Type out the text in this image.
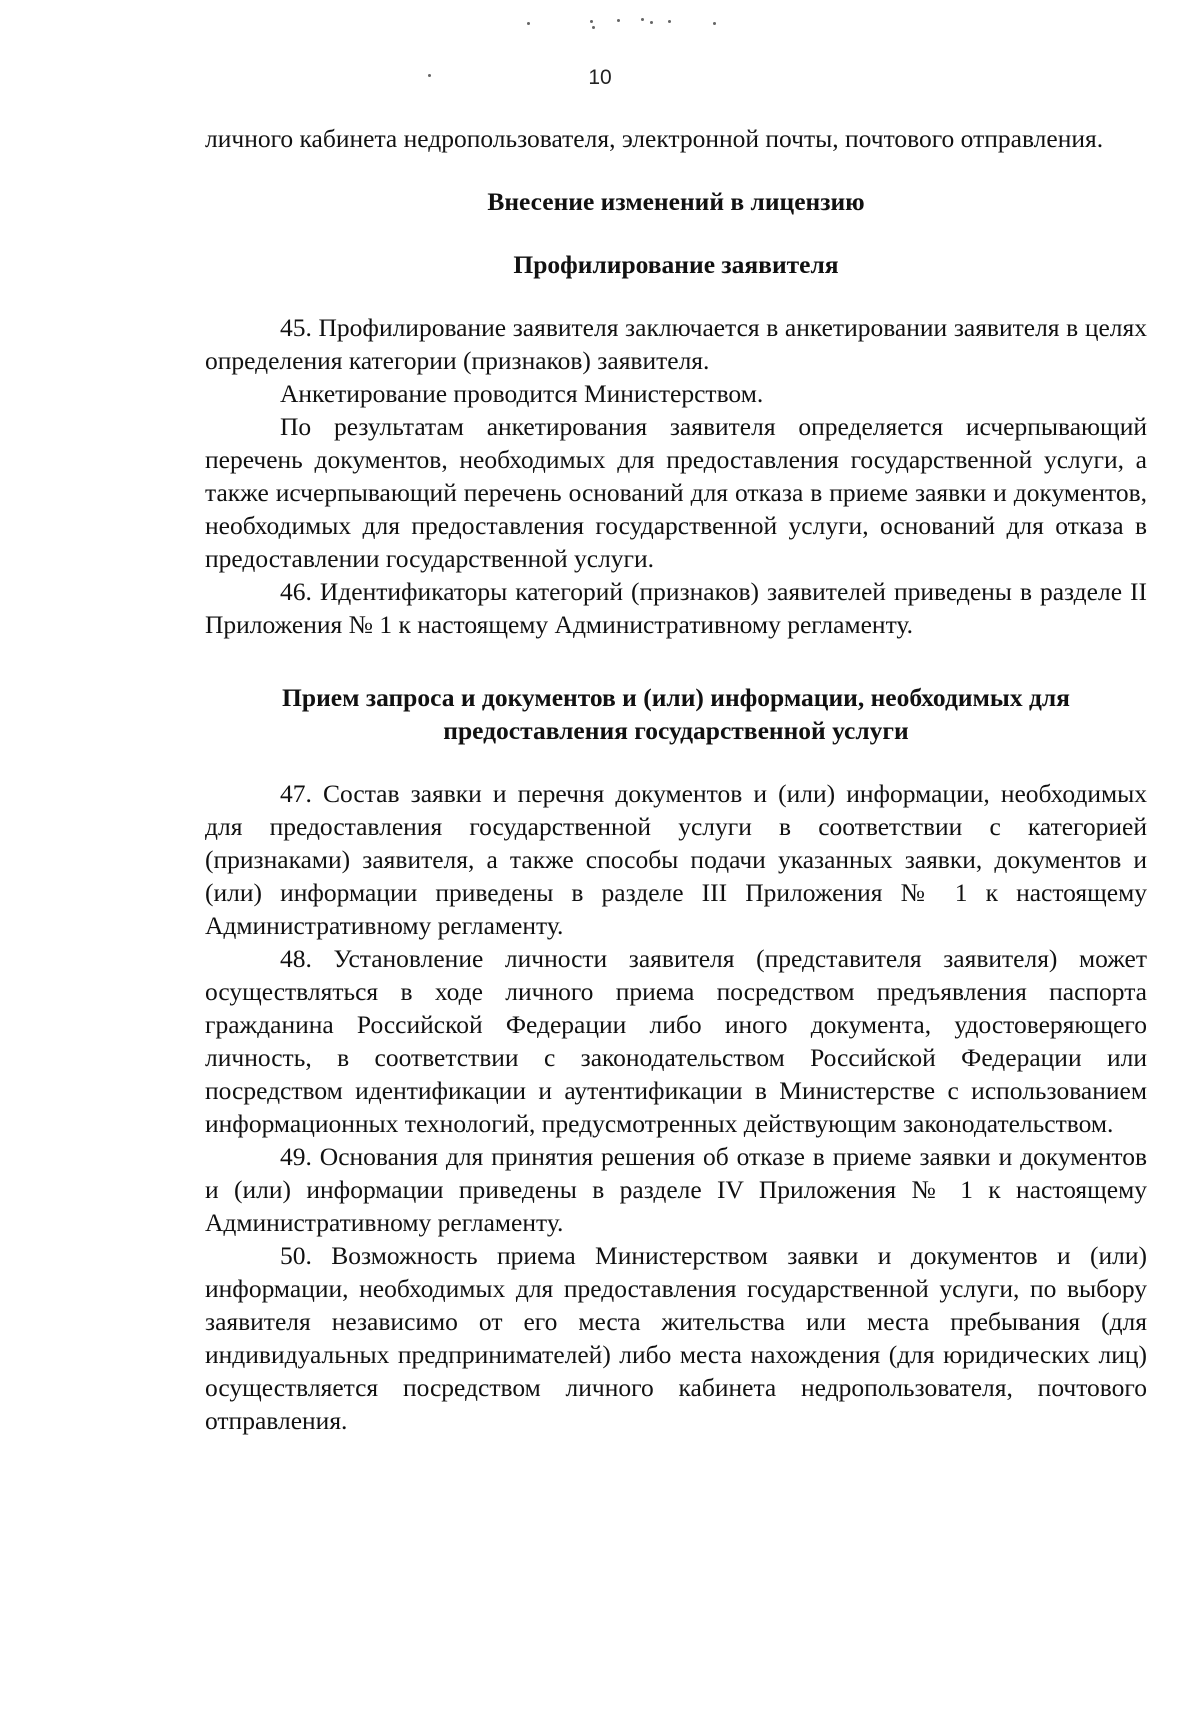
10

личного кабинета недропользователя, электронной почты, почтового отправления.

Внесение изменений в лицензию
Профилирование заявителя

45. Профилирование заявителя заключается в анкетировании заявителя в целях определения категории (признаков) заявителя.

Анкетирование проводится Министерством.

По результатам анкетирования заявителя определяется исчерпывающий перечень документов, необходимых для предоставления государственной услуги, а также исчерпывающий перечень оснований для отказа в приеме заявки и документов, необходимых для предоставления государственной услуги, оснований для отказа в предоставлении государственной услуги.

46. Идентификаторы категорий (признаков) заявителей приведены в разделе II Приложения № 1 к настоящему Административному регламенту.

Прием запроса и документов и (или) информации, необходимых для предоставления государственной услуги

47. Состав заявки и перечня документов и (или) информации, необходимых для предоставления государственной услуги в соответствии с категорией (признаками) заявителя, а также способы подачи указанных заявки, документов и (или) информации приведены в разделе III Приложения № 1 к настоящему Административному регламенту.

48. Установление личности заявителя (представителя заявителя) может осуществляться в ходе личного приема посредством предъявления паспорта гражданина Российской Федерации либо иного документа, удостоверяющего личность, в соответствии с законодательством Российской Федерации или посредством идентификации и аутентификации в Министерстве с использованием информационных технологий, предусмотренных действующим законодательством.

49. Основания для принятия решения об отказе в приеме заявки и документов и (или) информации приведены в разделе IV Приложения № 1 к настоящему Административному регламенту.

50. Возможность приема Министерством заявки и документов и (или) информации, необходимых для предоставления государственной услуги, по выбору заявителя независимо от его места жительства или места пребывания (для индивидуальных предпринимателей) либо места нахождения (для юридических лиц) осуществляется посредством личного кабинета недропользователя, почтового отправления.
